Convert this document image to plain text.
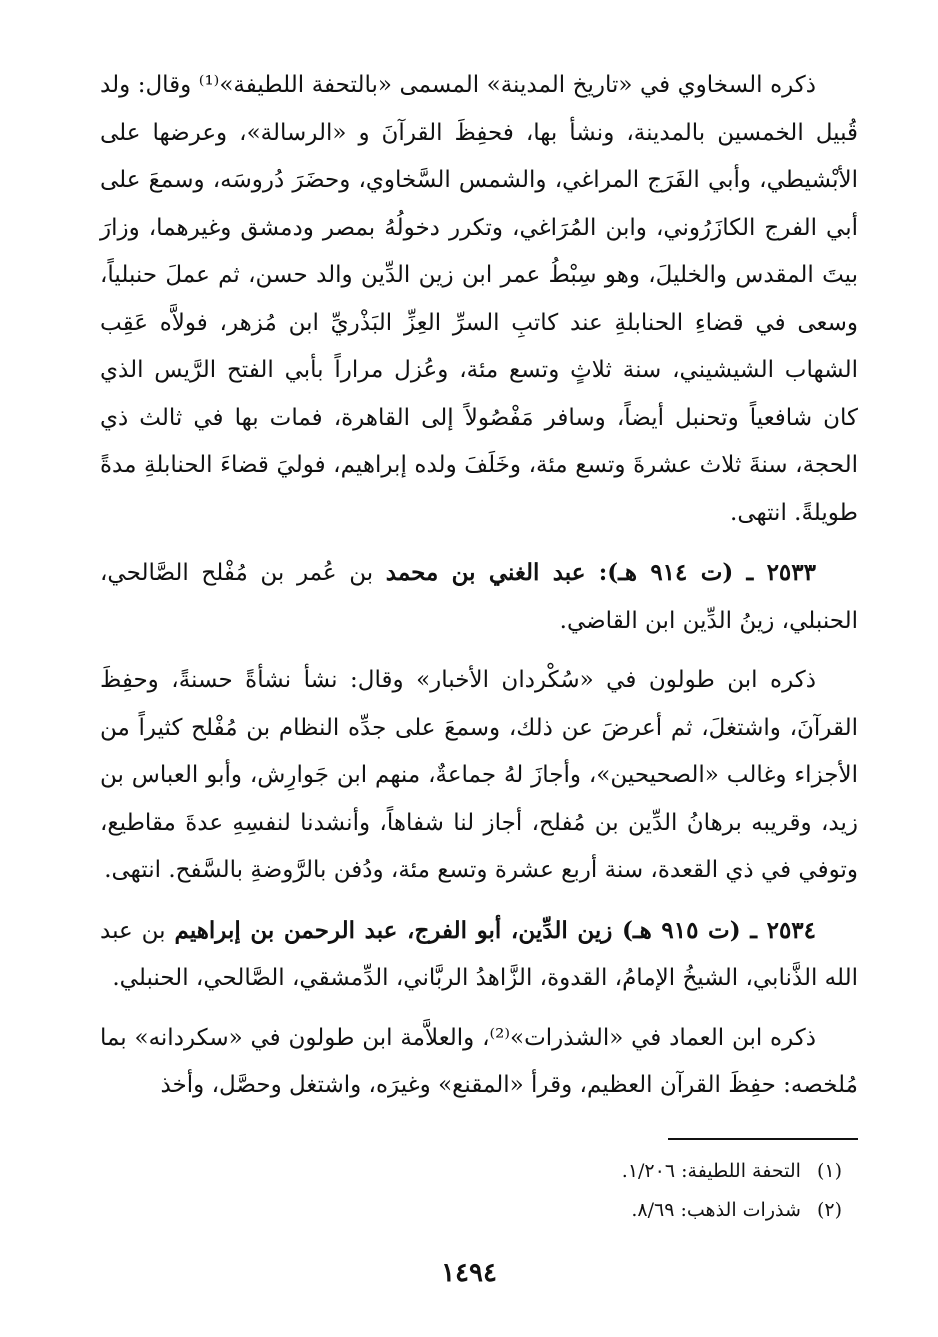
ذكره السخاوي في «تاريخ المدينة» المسمى «بالتحفة اللطيفة»⁽¹⁾ وقال: ولد قُبيل الخمسين بالمدينة، ونشأ بها، فحفِظَ القرآنَ و «الرسالة»، وعرضها على الأبْشيطي، وأبي الفَرَج المراغي، والشمس السَّخاوي، وحضَرَ دُروسَه، وسمعَ على أبي الفرج الكازَرُوني، وابن المُرَاغي، وتكرر دخولُهُ بمصر ودمشق وغيرهما، وزارَ بيتَ المقدس والخليلَ، وهو سِبْطُ عمر ابن زين الدِّين والد حسن، ثم عملَ حنبلياً، وسعى في قضاءِ الحنابلةِ عند كاتبِ السرِّ العِزِّ البَذْريِّ ابن مُزهر، فولاَّه عَقِب الشهاب الشيشيني، سنة ثلاثٍ وتسع مئة، وعُزل مراراً بأبي الفتح الرَّيس الذي كان شافعياً وتحنبل أيضاً، وسافر مَفْصُولاً إلى القاهرة، فمات بها في ثالث ذي الحجة، سنةَ ثلاث عشرةَ وتسع مئة، وخَلَفَ ولده إبراهيم، فوليَ قضاءَ الحنابلةِ مدةً طويلةً. انتهى.

٢٥٣٣ ـ (ت ٩١٤ هـ): عبد الغني بن محمد بن عُمر بن مُفْلح الصَّالحي، الحنبلي، زينُ الدِّين ابن القاضي.

ذكره ابن طولون في «سُكْردان الأخبار» وقال: نشأ نشأةً حسنةً، وحفِظَ القرآنَ، واشتغلَ، ثم أعرضَ عن ذلك، وسمعَ على جدِّه النظام بن مُفْلح كثيراً من الأجزاء وغالب «الصحيحين»، وأجازَ لهُ جماعةٌ، منهم ابن جَوارِش، وأبو العباس بن زيد، وقريبه برهانُ الدِّين بن مُفلح، أجاز لنا شفاهاً، وأنشدنا لنفسِهِ عدةَ مقاطيع، وتوفي في ذي القعدة، سنة أربع عشرة وتسع مئة، ودُفن بالرَّوضةِ بالسَّفح. انتهى.

٢٥٣٤ ـ (ت ٩١٥ هـ) زين الدِّين، أبو الفرج، عبد الرحمن بن إبراهيم بن عبد الله الذَّنابي، الشيخُ الإمامُ، القدوة، الزَّاهدُ الربَّاني، الدِّمشقي، الصَّالحي، الحنبلي.

ذكره ابن العماد في «الشذرات»⁽²⁾، والعلاَّمة ابن طولون في «سكردانه» بما مُلخصه: حفِظَ القرآن العظيم، وقرأ «المقنع» وغيرَه، واشتغل وحصَّل، وأخذ

(١) التحفة اللطيفة: ١/٢٠٦.
(٢) شذرات الذهب: ٨/٦٩.
١٤٩٤
